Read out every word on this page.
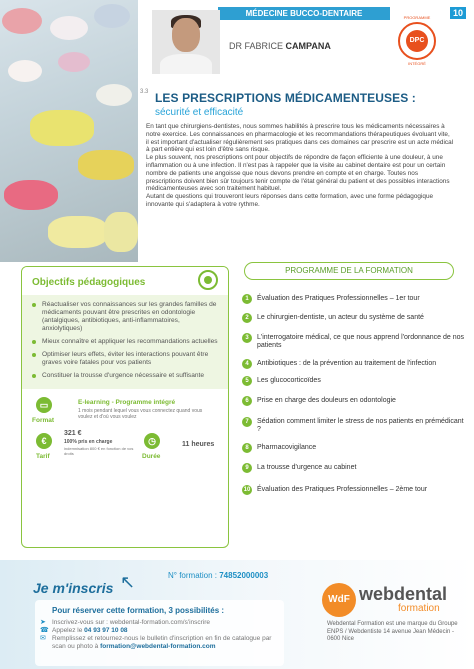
10
MÉDECINE BUCCO-DENTAIRE	PROGRAMME
DPC
INTÉGRÉ
DR FABRICE CAMPANA
3.3 LES PRESCRIPTIONS MÉDICAMENTEUSES :
sécurité et efficacité

En tant que chirurgiens-dentistes, nous sommes habilités à prescrire tous les médicaments nécessaires à notre exercice. Les connaissances en pharmacologie et les recommandations thérapeutiques évoluant vite, il est important d'actualiser régulièrement ses pratiques dans ces domaines car prescrire est un acte médical à part entière qui est loin d'être sans risque.

Le plus souvent, nos prescriptions ont pour objectifs de répondre de façon efficiente à une douleur, à une inflammation ou à une infection. Il n'est pas à rappeler que la visite au cabinet dentaire est pour un certain nombre de patients une angoisse que nous devons prendre en compte et en charge. Toutes nos prescriptions doivent bien sûr toujours tenir compte de l'état général du patient et des possibles interactions médicamenteuses avec son traitement habituel.

Autant de questions qui trouveront leurs réponses dans cette formation, avec une forme pédagogique innovante qui s'adaptera à votre rythme.

Objectifs pédagogiques
Réactualiser vos connaissances sur les grandes familles de médicaments pouvant être prescrites en odontologie (antalgiques, antibiotiques, anti-inflammatoires, anxiolytiques)
Mieux connaître et appliquer les recommandations actuelles
Optimiser leurs effets, éviter les interactions pouvant être graves voire fatales pour vos patients
Constituer la trousse d'urgence nécessaire et suffisante
▭
Format
E-learning - Programme intégré
1 mois pendant lequel vous vous connectez quand vous voulez et d'où vous voulez
€
Tarif
321 €
100% pris en charge
indemnisation 800 € en fonction de vos droits
◷
Durée
11 heures
PROGRAMME DE LA FORMATION
1	Évaluation des Pratiques Professionnelles – 1er tour
2	Le chirurgien-dentiste, un acteur du système de santé
3	L'interrogatoire médical, ce que nous apprend l'ordonnance de nos patients
4	Antibiotiques : de la prévention au traitement de l'infection
5	Les glucocorticoïdes
6	Prise en charge des douleurs en odontologie
7	Sédation comment limiter le stress de nos patients en prémédicant ?
8	Pharmacovigilance
9	La trousse d'urgence au cabinet
10 Évaluation des Pratiques Professionnelles – 2ème tour
Je m'inscris ↖	N° formation : 74852000003
Pour réserver cette formation, 3 possibilités :
➤ Inscrivez-vous sur : webdental-formation.com/s'inscrire
☎ Appelez le 04 93 97 10 08
✉ Remplissez et retournez-nous le bulletin d'inscription en fin de catalogue par scan ou photo à formation@webdental-formation.com
WdF webdental
formation
Webdental Formation est une marque du Groupe ENPS / Webdentiste 14 avenue Jean Médecin - 0600 Nice
